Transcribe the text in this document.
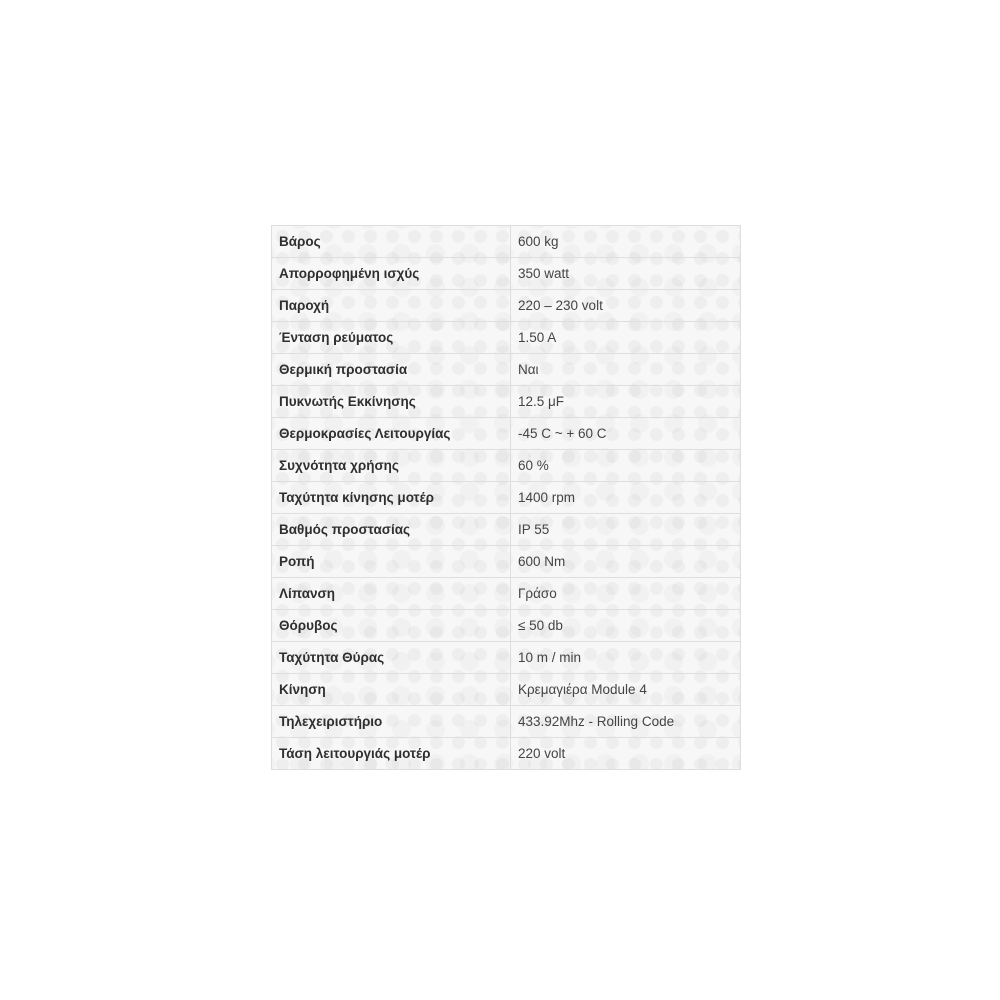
Βάρος	600 kg
Απορροφημένη ισχύς	350 watt
Παροχή	220 – 230 volt
Ένταση ρεύματος	1.50 A
Θερμική προστασία	Ναι
Πυκνωτής Εκκίνησης	12.5 μF
Θερμοκρασίες Λειτουργίας	-45 C ~ + 60 C
Συχνότητα χρήσης	60 %
Ταχύτητα κίνησης μοτέρ	1400 rpm
Βαθμός προστασίας	IP 55
Ροπή	600 Nm
Λίπανση	Γράσο
Θόρυβος	≤ 50 db
Ταχύτητα Θύρας	10 m / min
Κίνηση	Κρεμαγιέρα Module 4
Τηλεχειριστήριο	433.92Mhz - Rolling Code
Τάση λειτουργιάς μοτέρ	220 volt
